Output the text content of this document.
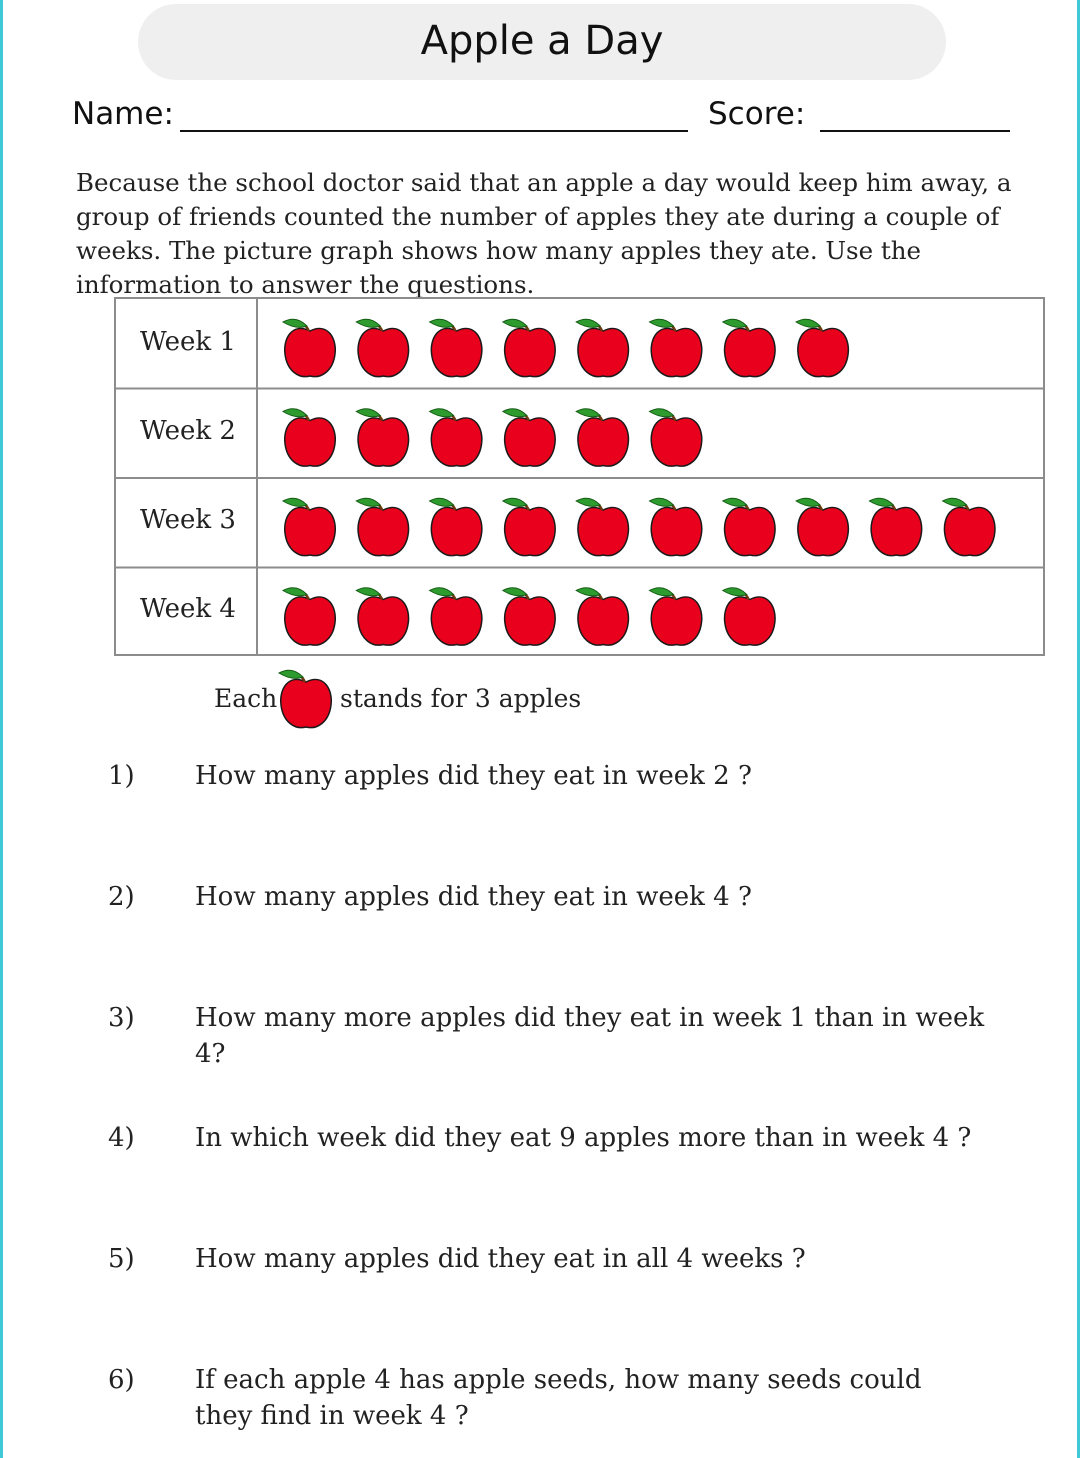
Apple a Day
Name:	Score:
Because the school doctor said that an apple a day would keep him away, a group of friends counted the number of apples they ate during a couple of weeks. The picture graph shows how many apples they ate. Use the information to answer the questions.
Week 1
Week 2
Week 3
Week 4
Each	stands for 3 apples
1) How many apples did they eat in week 2 ?
2) How many apples did they eat in week 4 ?
3) How many more apples did they eat in week 1 than in week 4?
4) In which week did they eat 9 apples more than in week 4 ?
5) How many apples did they eat in all 4 weeks ?
6) If each apple 4 has apple seeds, how many seeds could they find in week 4 ?
